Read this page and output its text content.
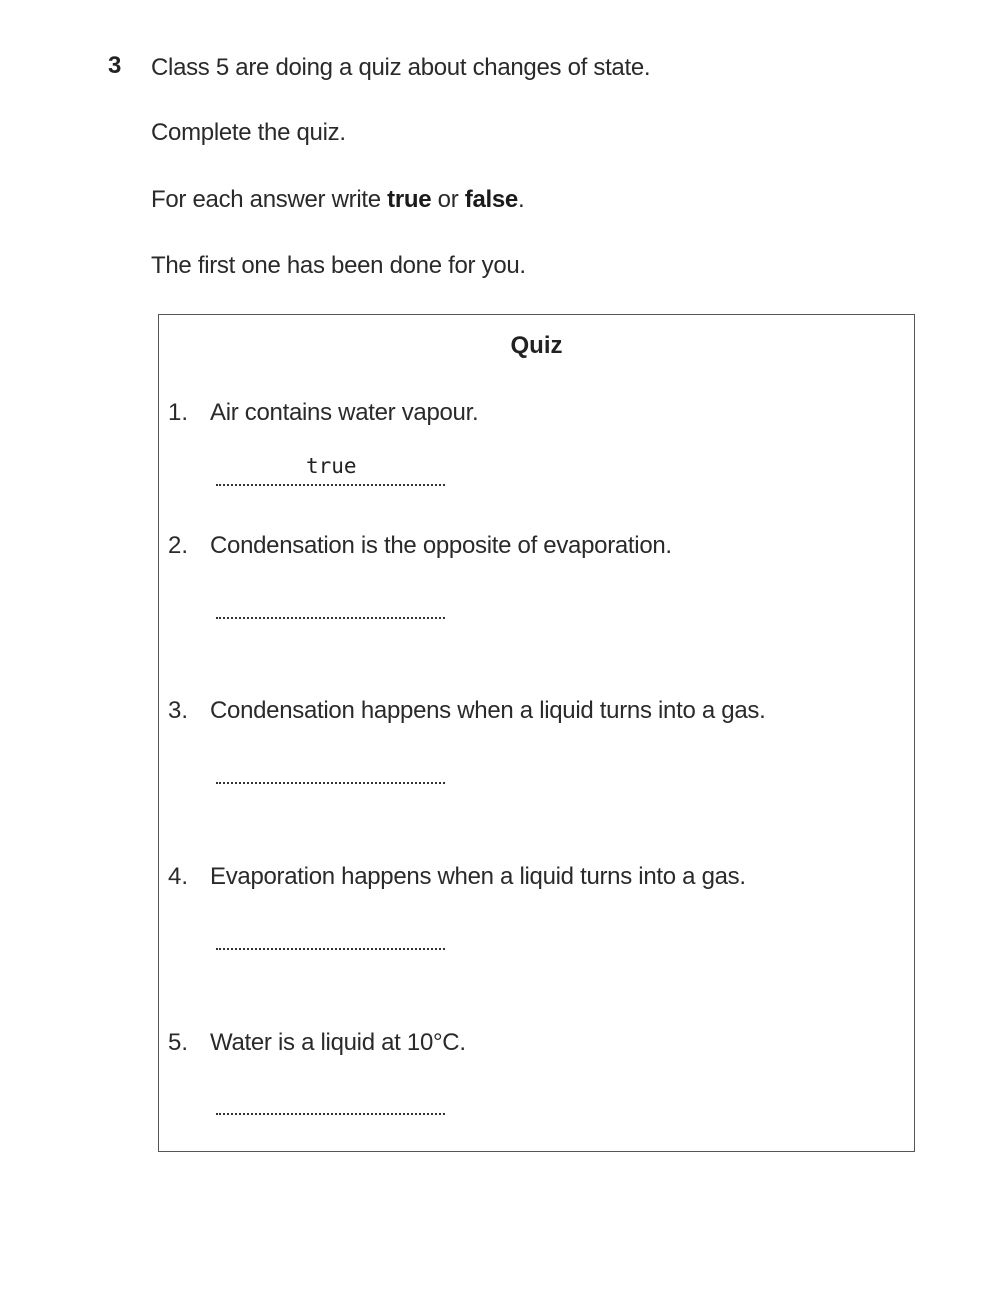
3 Class 5 are doing a quiz about changes of state.
Complete the quiz.
For each answer write true or false.
The first one has been done for you.
Quiz
1. Air contains water vapour.
true
2. Condensation is the opposite of evaporation.
3. Condensation happens when a liquid turns into a gas.
4. Evaporation happens when a liquid turns into a gas.
5. Water is a liquid at 10°C.
